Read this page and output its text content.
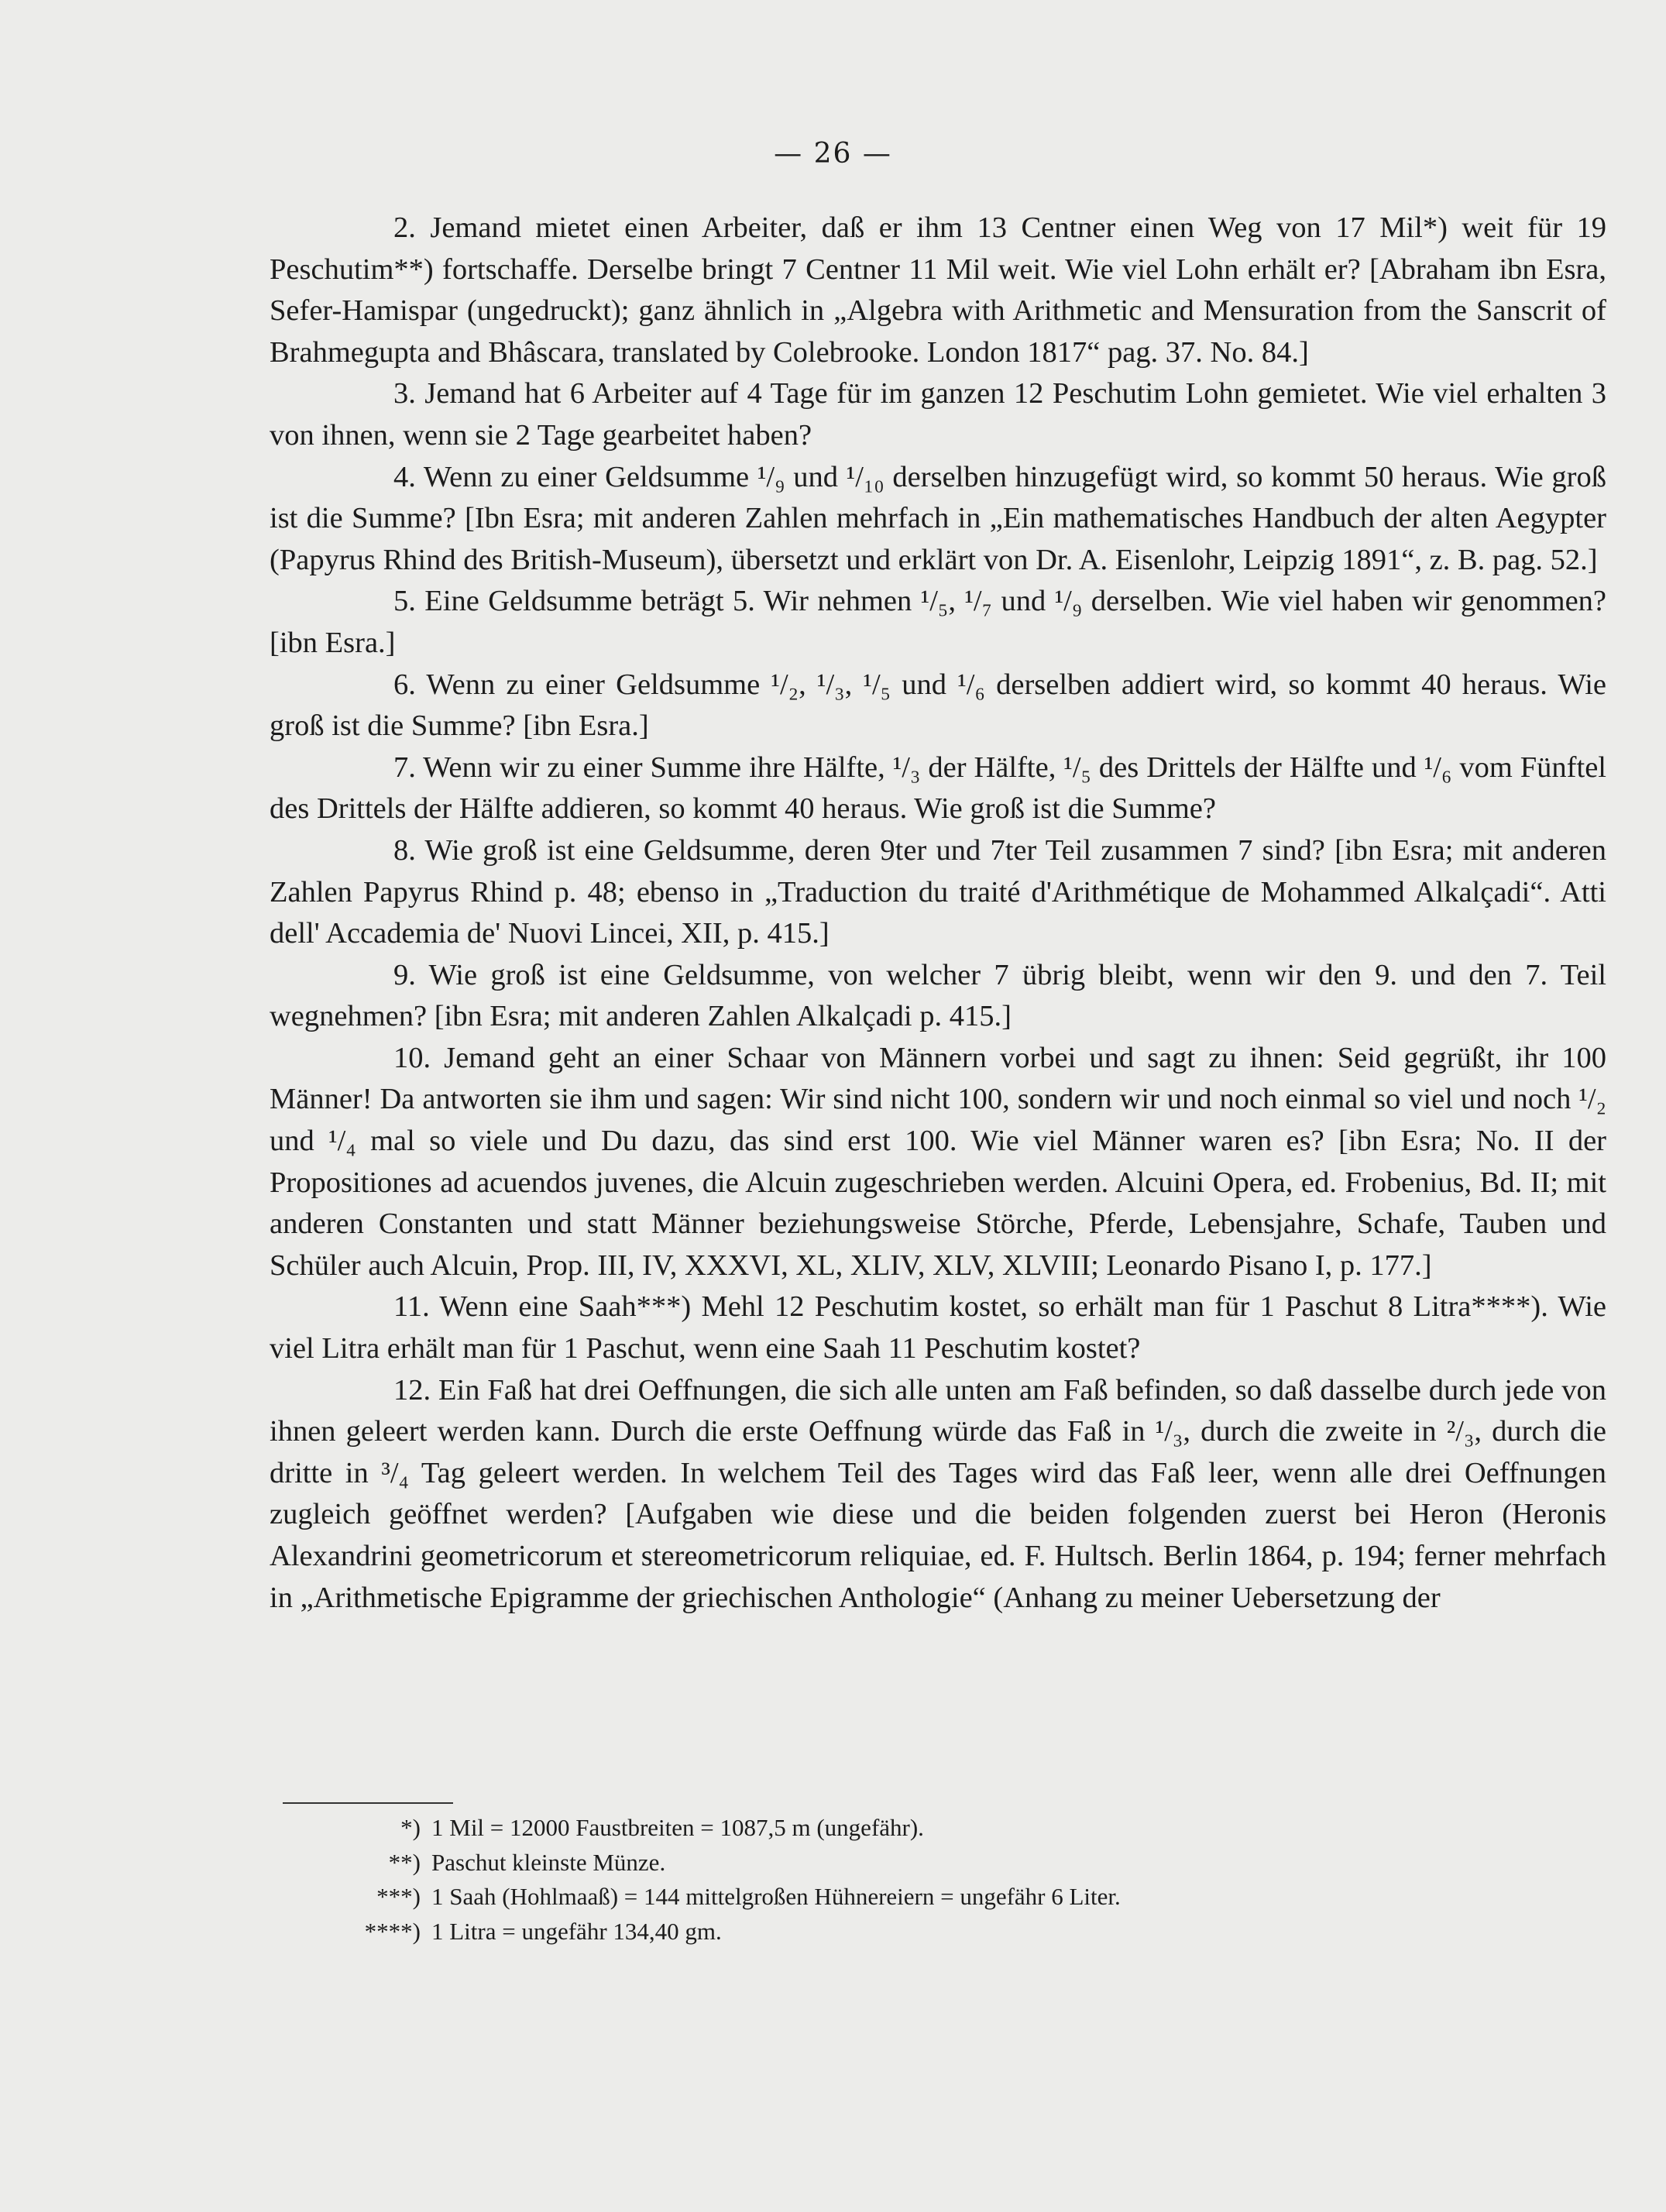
— 26 —

2. Jemand mietet einen Arbeiter, daß er ihm 13 Centner einen Weg von 17 Mil*) weit für 19 Peschutim**) fortschaffe. Derselbe bringt 7 Centner 11 Mil weit. Wie viel Lohn erhält er? [Abraham ibn Esra, Sefer-Hamispar (ungedruckt); ganz ähnlich in „Algebra with Arithmetic and Mensuration from the Sanscrit of Brahmegupta and Bhâscara, translated by Colebrooke. London 1817“ pag. 37. No. 84.]

3. Jemand hat 6 Arbeiter auf 4 Tage für im ganzen 12 Peschutim Lohn gemietet. Wie viel erhalten 3 von ihnen, wenn sie 2 Tage gearbeitet haben?

4. Wenn zu einer Geldsumme ¹/₉ und ¹/₁₀ derselben hinzugefügt wird, so kommt 50 heraus. Wie groß ist die Summe? [Ibn Esra; mit anderen Zahlen mehrfach in „Ein mathematisches Handbuch der alten Aegypter (Papyrus Rhind des British-Museum), übersetzt und erklärt von Dr. A. Eisenlohr, Leipzig 1891“, z. B. pag. 52.]

5. Eine Geldsumme beträgt 5. Wir nehmen ¹/₅, ¹/₇ und ¹/₉ derselben. Wie viel haben wir genommen? [ibn Esra.]

6. Wenn zu einer Geldsumme ¹/₂, ¹/₃, ¹/₅ und ¹/₆ derselben addiert wird, so kommt 40 heraus. Wie groß ist die Summe? [ibn Esra.]

7. Wenn wir zu einer Summe ihre Hälfte, ¹/₃ der Hälfte, ¹/₅ des Drittels der Hälfte und ¹/₆ vom Fünftel des Drittels der Hälfte addieren, so kommt 40 heraus. Wie groß ist die Summe?

8. Wie groß ist eine Geldsumme, deren 9ter und 7ter Teil zusammen 7 sind? [ibn Esra; mit anderen Zahlen Papyrus Rhind p. 48; ebenso in „Traduction du traité d'Arithmétique de Mohammed Alkalçadi“. Atti dell' Accademia de' Nuovi Lincei, XII, p. 415.]

9. Wie groß ist eine Geldsumme, von welcher 7 übrig bleibt, wenn wir den 9. und den 7. Teil wegnehmen? [ibn Esra; mit anderen Zahlen Alkalçadi p. 415.]

10. Jemand geht an einer Schaar von Männern vorbei und sagt zu ihnen: Seid gegrüßt, ihr 100 Männer! Da antworten sie ihm und sagen: Wir sind nicht 100, sondern wir und noch einmal so viel und noch ¹/₂ und ¹/₄ mal so viele und Du dazu, das sind erst 100. Wie viel Männer waren es? [ibn Esra; No. II der Propositiones ad acuendos juvenes, die Alcuin zugeschrieben werden. Alcuini Opera, ed. Frobenius, Bd. II; mit anderen Constanten und statt Männer beziehungsweise Störche, Pferde, Lebensjahre, Schafe, Tauben und Schüler auch Alcuin, Prop. III, IV, XXXVI, XL, XLIV, XLV, XLVIII; Leonardo Pisano I, p. 177.]

11. Wenn eine Saah***) Mehl 12 Peschutim kostet, so erhält man für 1 Paschut 8 Litra****). Wie viel Litra erhält man für 1 Paschut, wenn eine Saah 11 Peschutim kostet?

12. Ein Faß hat drei Oeffnungen, die sich alle unten am Faß befinden, so daß dasselbe durch jede von ihnen geleert werden kann. Durch die erste Oeffnung würde das Faß in ¹/₃, durch die zweite in ²/₃, durch die dritte in ³/₄ Tag geleert werden. In welchem Teil des Tages wird das Faß leer, wenn alle drei Oeffnungen zugleich geöffnet werden? [Aufgaben wie diese und die beiden folgenden zuerst bei Heron (Heronis Alexandrini geometricorum et stereometricorum reliquiae, ed. F. Hultsch. Berlin 1864, p. 194; ferner mehrfach in „Arithmetische Epigramme der griechischen Anthologie“ (Anhang zu meiner Uebersetzung der

*) 1 Mil = 12000 Faustbreiten = 1087,5 m (ungefähr).
**) Paschut kleinste Münze.
***) 1 Saah (Hohlmaaß) = 144 mittelgroßen Hühnereiern = ungefähr 6 Liter.
****) 1 Litra = ungefähr 134,40 gm.
